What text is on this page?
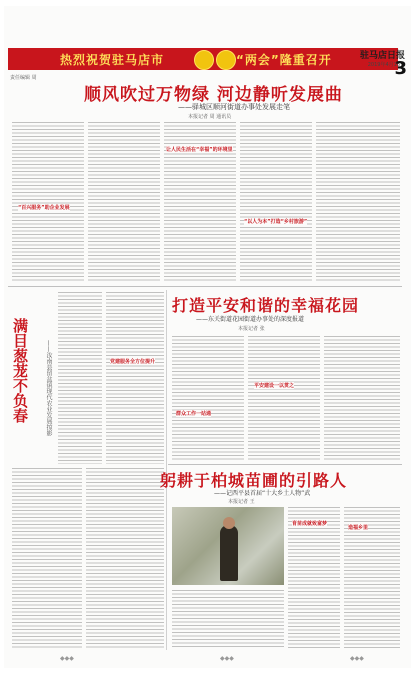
热烈祝贺驻马店市	“两会”隆重召开	驻马店日报
2019年4月16日
3
责任编辑 周
顺风吹过万物绿 河边静听发展曲
——驿城区顺河街道办事处发展走笔
本报记者 周 通讯员
“百兴服务”助企业发展
让人民生活在“幸福”的环境里
“以人为本”打造“乡村旅游”
满目葱茏不负春	——汝南县留盆镇现代农业发展掠影
打造平安和谐的幸福花园
——东关街道花园街道办事处的深度报道
本报记者 张
党建服务全方位提升
群众工作一站通
平安建设一以贯之
躬耕于柏城苗圃的引路人
——记西平县首届“十大乡土人物”武
本报记者 王
育苗成就致富梦
造福乡里
◆◆◆	◆◆◆	◆◆◆
